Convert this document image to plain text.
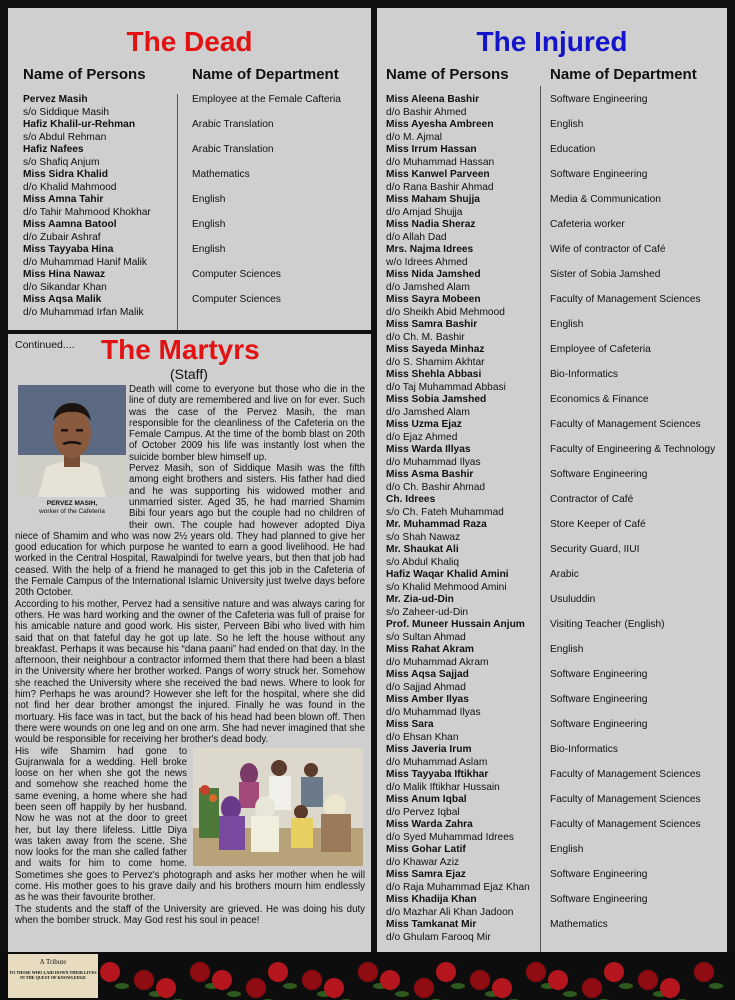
The Dead
Name of Persons	Name of Department
Pervez Masih
s/o Siddique Masih
Hafiz Khalil-ur-Rehman
s/o Abdul Rehman
Hafiz Nafees
s/o Shafiq Anjum
Miss Sidra Khalid
d/o Khalid Mahmood
Miss Amna Tahir
d/o Tahir Mahmood Khokhar
Miss Aamna Batool
d/o Zubair Ashraf
Miss Tayyaba Hina
d/o Muhammad Hanif Malik
Miss Hina Nawaz
d/o Sikandar Khan
Miss Aqsa Malik
d/o Muhammad Irfan Malik
Employee at the Female Cafteria
Arabic Translation
Arabic Translation
Mathematics
English
English
English
Computer Sciences
Computer Sciences
The Injured
Name of Persons	Name of Department
Miss Aleena Bashir
d/o Bashir Ahmed
Miss Ayesha Ambreen
d/o M. Ajmal
Miss Irrum Hassan
d/o Muhammad Hassan
Miss Kanwel Parveen
d/o Rana Bashir Ahmad
Miss Maham Shujja
d/o Amjad Shujja
Miss Nadia Sheraz
d/o Allah Dad
Mrs. Najma Idrees
w/o Idrees Ahmed
Miss Nida Jamshed
d/o Jamshed Alam
Miss Sayra Mobeen
d/o Sheikh Abid Mehmood
Miss Samra Bashir
d/o Ch. M. Bashir
Miss Sayeda Minhaz
d/o S. Shamim Akhtar
Miss Shehla Abbasi
d/o Taj Muhammad Abbasi
Miss Sobia Jamshed
d/o Jamshed Alam
Miss Uzma Ejaz
d/o Ejaz Ahmed
Miss Warda Illyas
d/o Muhammad Ilyas
Miss Asma Bashir
d/o Ch. Bashir Ahmad
Ch. Idrees
s/o Ch. Fateh Muhammad
Mr. Muhammad Raza
s/o Shah Nawaz
Mr. Shaukat Ali
s/o Abdul Khaliq
Hafiz Waqar Khalid Amini
s/o Khalid Mehmood Amini
Mr. Zia-ud-Din
s/o Zaheer-ud-Din
Prof. Muneer Hussain Anjum
s/o Sultan Ahmad
Miss Rahat Akram
d/o Muhammad Akram
Miss Aqsa Sajjad
d/o Sajjad Ahmad
Miss Amber Ilyas
d/o Muhammad Ilyas
Miss Sara
d/o Ehsan Khan
Miss Javeria Irum
d/o Muhammad Aslam
Miss Tayyaba Iftikhar
d/o Malik Iftikhar Hussain
Miss Anum Iqbal
d/o Pervez Iqbal
Miss Warda Zahra
d/o Syed Muhammad Idrees
Miss Gohar Latif
d/o Khawar Aziz
Miss Samra Ejaz
d/o Raja Muhammad Ejaz Khan
Miss Khadija Khan
d/o Mazhar Ali Khan Jadoon
Miss Tamkanat Mir
d/o Ghulam Farooq Mir
Software Engineering
English
Education
Software Engineering
Media & Communication
Cafeteria worker
Wife of contractor of Café
Sister of Sobia Jamshed
Faculty of Management Sciences
English
Employee of Cafeteria
Bio-Informatics
Economics & Finance
Faculty of Management Sciences
Faculty of Engineering & Technology
Software Engineering
Contractor of Café
Store Keeper of Café
Security Guard, IIUI
Arabic
Usuluddin
Visiting Teacher (English)
English
Software Engineering
Software Engineering
Software Engineering
Bio-Informatics
Faculty of Management Sciences
Faculty of Management Sciences
Faculty of Management Sciences
English
Software Engineering
Software Engineering
Mathematics
Continued.... The Martyrs
(Staff)
PERVEZ MASIH,
worker of the Cafeteria

Death will come to everyone but those who die in the line of duty are remembered and live on for ever. Such was the case of the Pervez Masih, the man responsible for the cleanliness of the Cafeteria on the Female Campus. At the time of the bomb blast on 20th of October 2009 his life was instantly lost when the suicide bomber blew himself up.

Pervez Masih, son of Siddique Masih was the fifth among eight brothers and sisters. His father had died and he was supporting his widowed mother and unmarried sister. Aged 35, he had married Shamim Bibi four years ago but the couple had no children of their own. The couple had however adopted Diya niece of Shamim and who was now 2½ years old. They had planned to give her good education for which purpose he wanted to earn a good livelihood. He had worked in the Central Hospital, Rawalpindi for twelve years, but then that job had ceased. With the help of a friend he managed to get this job in the Cafeteria of the Female Campus of the International Islamic University just twelve days before 20th October.

According to his mother, Pervez had a sensitive nature and was always caring for others. He was hard working and the owner of the Cafeteria was full of praise for his amicable nature and good work. His sister, Perveen Bibi who lived with him said that on that fateful day he got up late. So he left the house without any breakfast. Perhaps it was because his “dana paani” had ended on that day. In the afternoon, their neighbour a contractor informed them that there had been a blast in the University where her brother worked. Pangs of worry struck her. Somehow she reached the University where she received the bad news. Where to look for him? Perhaps he was around? However she left for the hospital, where she did not find her dear brother amongst the injured. Finally he was found in the mortuary. His face was in tact, but the back of his head had been blown off. Then there were wounds on one leg and on one arm. She had never imagined that she would be responsible for receiving her brother's dead body.

His wife Shamim had gone to Gujranwala for a wedding. Hell broke loose on her when she got the news and somehow she reached home the same evening, a home where she had been seen off happily by her husband. Now he was not at the door to greet her, but lay there lifeless. Little Diya was taken away from the scene. She now looks for the man she called father and waits for him to come home. Sometimes she goes to Pervez's photograph and asks her mother when he will come. His mother goes to his grave daily and his brothers mourn him endlessly as he was their favourite brother.

The students and the staff of the University are grieved. He was doing his duty when the bomber struck. May God rest his soul in peace!

A Tribute
TO THOSE WHO LAID DOWN THEIR LIVES
IN THE QUEST OF KNOWLEDGE
